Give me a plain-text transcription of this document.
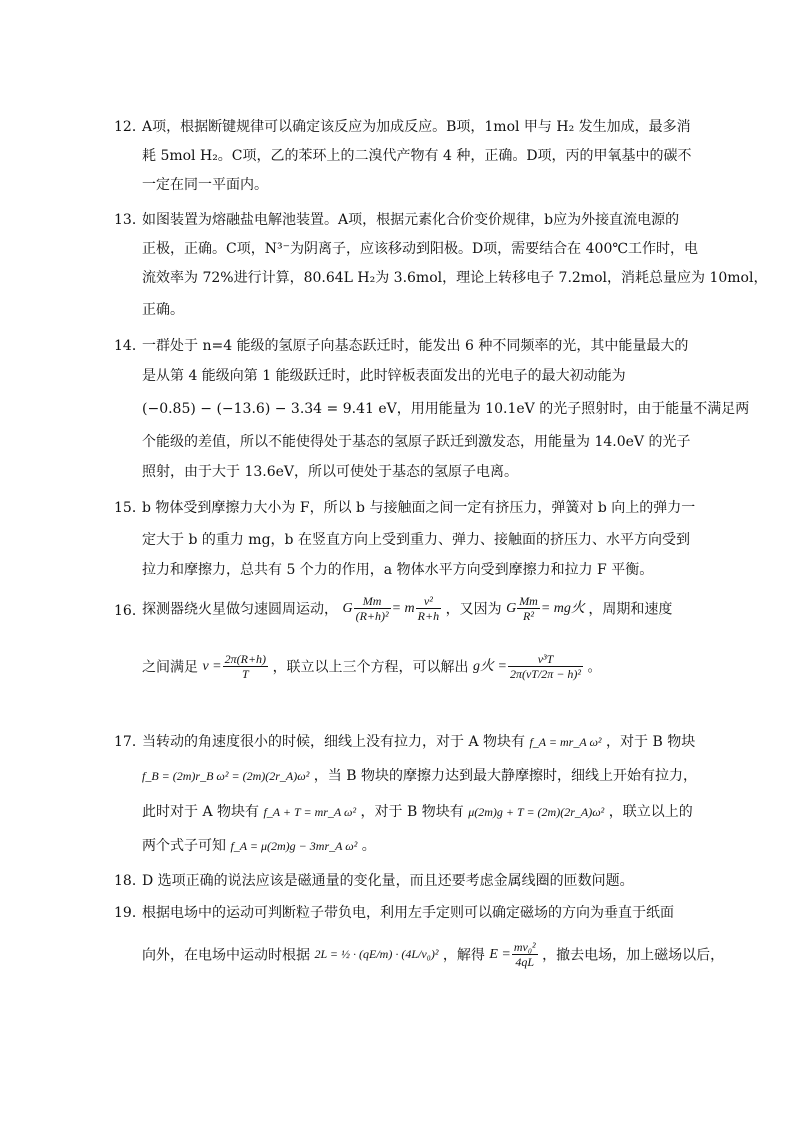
12．
A项，根据断键规律可以确定该反应为加成反应。B项，1mol 甲与 H₂ 发生加成，最多消
耗 5mol H₂。C项，乙的苯环上的二溴代产物有 4 种，正确。D项，丙的甲氧基中的碳不
一定在同一平面内。
13．
如图装置为熔融盐电解池装置。A项，根据元素化合价变价规律，b应为外接直流电源的
正极，正确。C项，N³⁻为阴离子，应该移动到阳极。D项，需要结合在 400℃工作时，电
流效率为 72%进行计算，80.64L H₂为 3.6mol，理论上转移电子 7.2mol，消耗总量应为 10mol，
正确。
14．
一群处于 n=4 能级的氢原子向基态跃迁时，能发出 6 种不同频率的光，其中能量最大的
是从第 4 能级向第 1 能级跃迁时，此时锌板表面发出的光电子的最大初动能为
(−0.85) − (−13.6) − 3.34 = 9.41 eV，用用能量为 10.1eV 的光子照射时，由于能量不满足两
个能级的差值，所以不能使得处于基态的氢原子跃迁到激发态，用能量为 14.0eV 的光子
照射，由于大于 13.6eV，所以可使处于基态的氢原子电离。
15．
b 物体受到摩擦力大小为 F，所以 b 与接触面之间一定有挤压力，弹簧对 b 向上的弹力一
定大于 b 的重力 mg，b 在竖直方向上受到重力、弹力、接触面的挤压力、水平方向受到
拉力和摩擦力，总共有 5 个力的作用，a 物体水平方向受到摩擦力和拉力 F 平衡。
16．
探测器绕火星做匀速圆周运动， G $\frac{Mm}{\text{(R+h)²}} = m \frac{\text{v²}}{R+h}$ ，又因为 G $\frac{Mm}{\text{R²}}$ = mg火 ，周期和速度
之间满足 $v = \frac{2\pi(R+h)}{T}$ ，联立以上三个方程，可以解出 g火 = $\frac{\text{v³T}}{\text{2π(vT/2π − h)²}}$ 。
17．
当转动的角速度很小的时候，细线上没有拉力，对于 A 物块有 f_A = mr_A ω² ，对于 B 物块
f_B = (2m)r_B ω² = (2m)(2r_A)ω² ，当 B 物块的摩擦力达到最大静摩擦时，细线上开始有拉力，
此时对于 A 物块有 f_A + T = mr_A ω² ，对于 B 物块有 μ(2m)g + T = (2m)(2r_A)ω² ，联立以上的
两个式子可知 f_A = μ(2m)g − 3mr_A ω² 。
18．
D 选项正确的说法应该是磁通量的变化量，而且还要考虑金属线圈的匝数问题。
19．
根据电场中的运动可判断粒子带负电，利用左手定则可以确定磁场的方向为垂直于纸面
向外，在电场中运动时根据 2L = ½ · (qE/m) · (4L/v₀)² ，解得 $E = \frac{\text{mv₀²}}{4qL}$ ，撤去电场，加上磁场以后，
